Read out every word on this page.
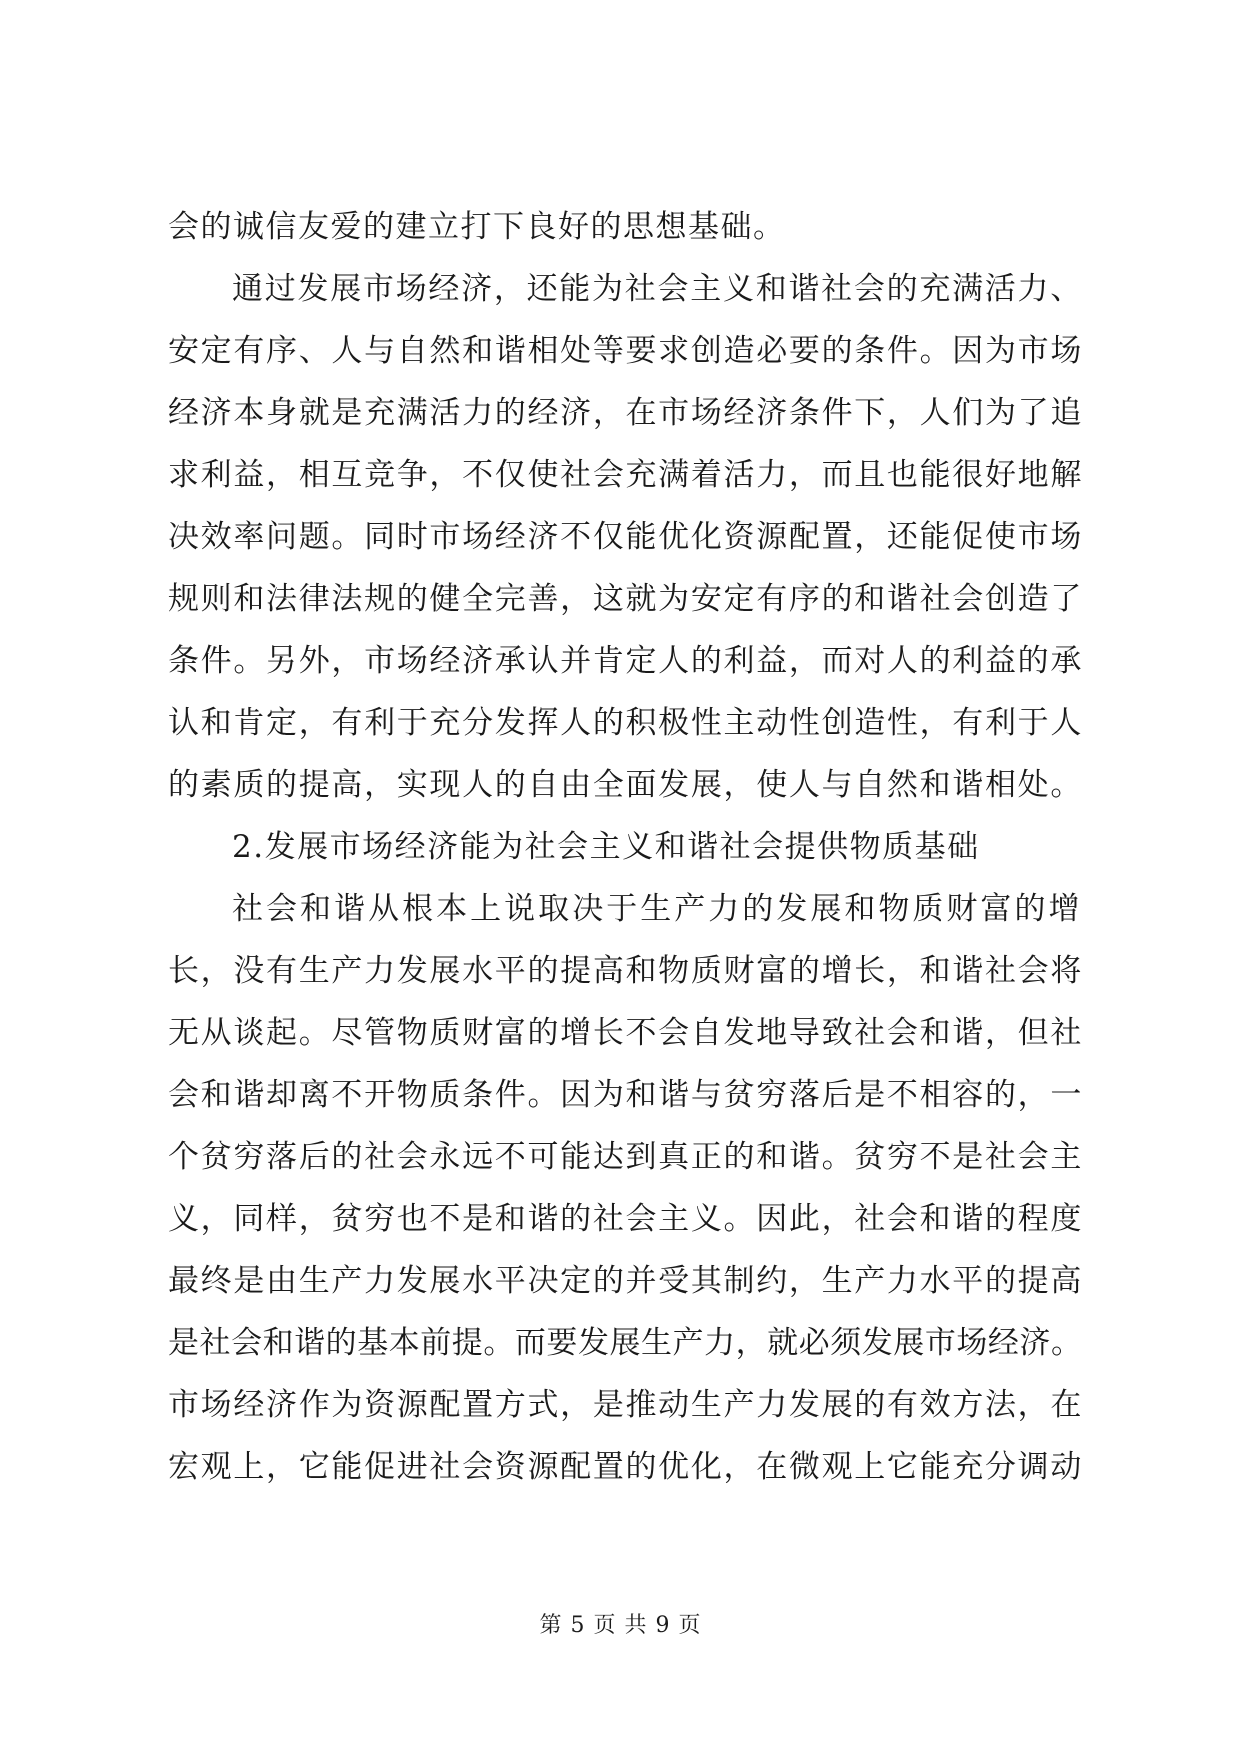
会的诚信友爱的建立打下良好的思想基础。
通过发展市场经济，还能为社会主义和谐社会的充满活力、
安定有序、人与自然和谐相处等要求创造必要的条件。因为市场
经济本身就是充满活力的经济，在市场经济条件下，人们为了追
求利益，相互竞争，不仅使社会充满着活力，而且也能很好地解
决效率问题。同时市场经济不仅能优化资源配置，还能促使市场
规则和法律法规的健全完善，这就为安定有序的和谐社会创造了
条件。另外，市场经济承认并肯定人的利益，而对人的利益的承
认和肯定，有利于充分发挥人的积极性主动性创造性，有利于人
的素质的提高，实现人的自由全面发展，使人与自然和谐相处。
2.发展市场经济能为社会主义和谐社会提供物质基础
社会和谐从根本上说取决于生产力的发展和物质财富的增
长，没有生产力发展水平的提高和物质财富的增长，和谐社会将
无从谈起。尽管物质财富的增长不会自发地导致社会和谐，但社
会和谐却离不开物质条件。因为和谐与贫穷落后是不相容的，一
个贫穷落后的社会永远不可能达到真正的和谐。贫穷不是社会主
义，同样，贫穷也不是和谐的社会主义。因此，社会和谐的程度
最终是由生产力发展水平决定的并受其制约，生产力水平的提高
是社会和谐的基本前提。而要发展生产力，就必须发展市场经济。
市场经济作为资源配置方式，是推动生产力发展的有效方法，在
宏观上，它能促进社会资源配置的优化，在微观上它能充分调动
第 5 页 共 9 页
